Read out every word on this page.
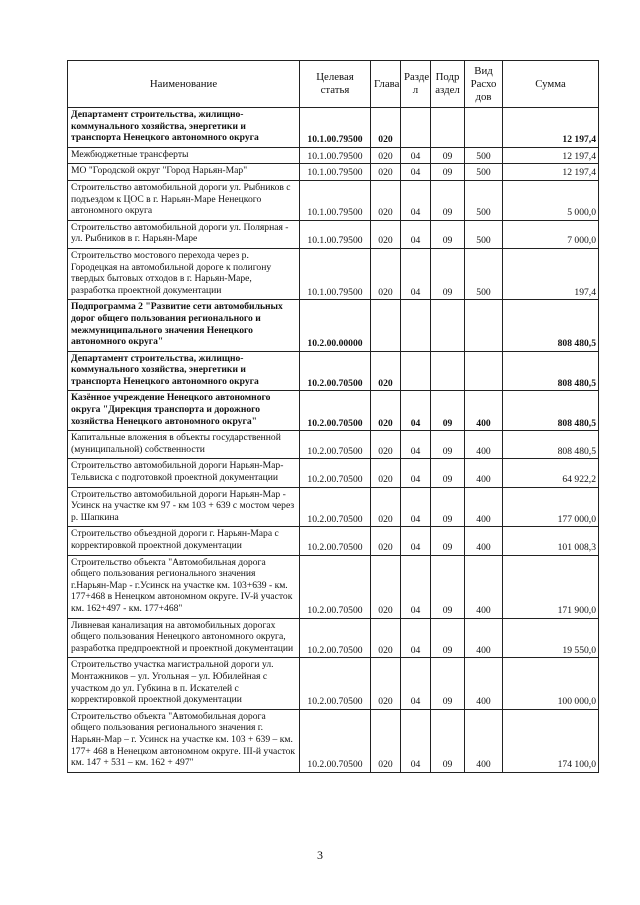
Наименование	Целевая статья	Глава	Разде л	Подр аздел	Вид Расхо дов	Сумма
Департамент строительства, жилищно-коммунального хозяйства, энергетики и транспорта Ненецкого автономного округа	10.1.00.79500	020				12 197,4
Межбюджетные трансферты	10.1.00.79500	020	04	09	500	12 197,4
МО "Городской округ "Город Нарьян-Мар"	10.1.00.79500	020	04	09	500	12 197,4
Строительство автомобильной дороги ул. Рыбников с подъездом к ЦОС в г. Нарьян-Маре Ненецкого автономного округа	10.1.00.79500	020	04	09	500	5 000,0
Строительство автомобильной дороги ул. Полярная - ул. Рыбников в г. Нарьян-Маре	10.1.00.79500	020	04	09	500	7 000,0
Строительство мостового перехода через р. Городецкая на автомобильной дороге к полигону твердых бытовых отходов в г. Нарьян-Маре, разработка проектной документации	10.1.00.79500	020	04	09	500	197,4
Подпрограмма 2 "Развитие сети автомобильных дорог общего пользования регионального и межмуниципального значения Ненецкого автономного округа"	10.2.00.00000					808 480,5
Департамент строительства, жилищно-коммунального хозяйства, энергетики и транспорта Ненецкого автономного округа	10.2.00.70500	020				808 480,5
Казённое учреждение Ненецкого автономного округа "Дирекция транспорта и дорожного хозяйства Ненецкого автономного округа"	10.2.00.70500	020	04	09	400	808 480,5
Капитальные вложения в объекты государственной (муниципальной) собственности	10.2.00.70500	020	04	09	400	808 480,5
Строительство автомобильной дороги Нарьян-Мар-Тельвиска с подготовкой проектной документации	10.2.00.70500	020	04	09	400	64 922,2
Строительство автомобильной дороги Нарьян-Мар - Усинск на участке км 97 - км 103 + 639 с мостом через р. Шапкина	10.2.00.70500	020	04	09	400	177 000,0
Строительство объездной дороги г. Нарьян-Мара с корректировкой проектной документации	10.2.00.70500	020	04	09	400	101 008,3
Строительство объекта "Автомобильная дорога общего пользования регионального значения г.Нарьян-Мар - г.Усинск на участке км. 103+639 - км. 177+468 в Ненецком автономном округе. IV-й участок км. 162+497 - км. 177+468"	10.2.00.70500	020	04	09	400	171 900,0
Ливневая канализация на автомобильных дорогах общего пользования Ненецкого автономного округа, разработка предпроектной и проектной документации	10.2.00.70500	020	04	09	400	19 550,0
Строительство участка магистральной дороги ул. Монтажников – ул. Угольная – ул. Юбилейная с участком до ул. Губкина в п. Искателей с корректировкой проектной документации	10.2.00.70500	020	04	09	400	100 000,0
Строительство объекта "Автомобильная дорога общего пользования регионального значения г. Нарьян-Мар – г. Усинск на участке км. 103 + 639 – км. 177+ 468 в Ненецком автономном округе. III-й участок км. 147 + 531 – км. 162 + 497"	10.2.00.70500	020	04	09	400	174 100,0
3
